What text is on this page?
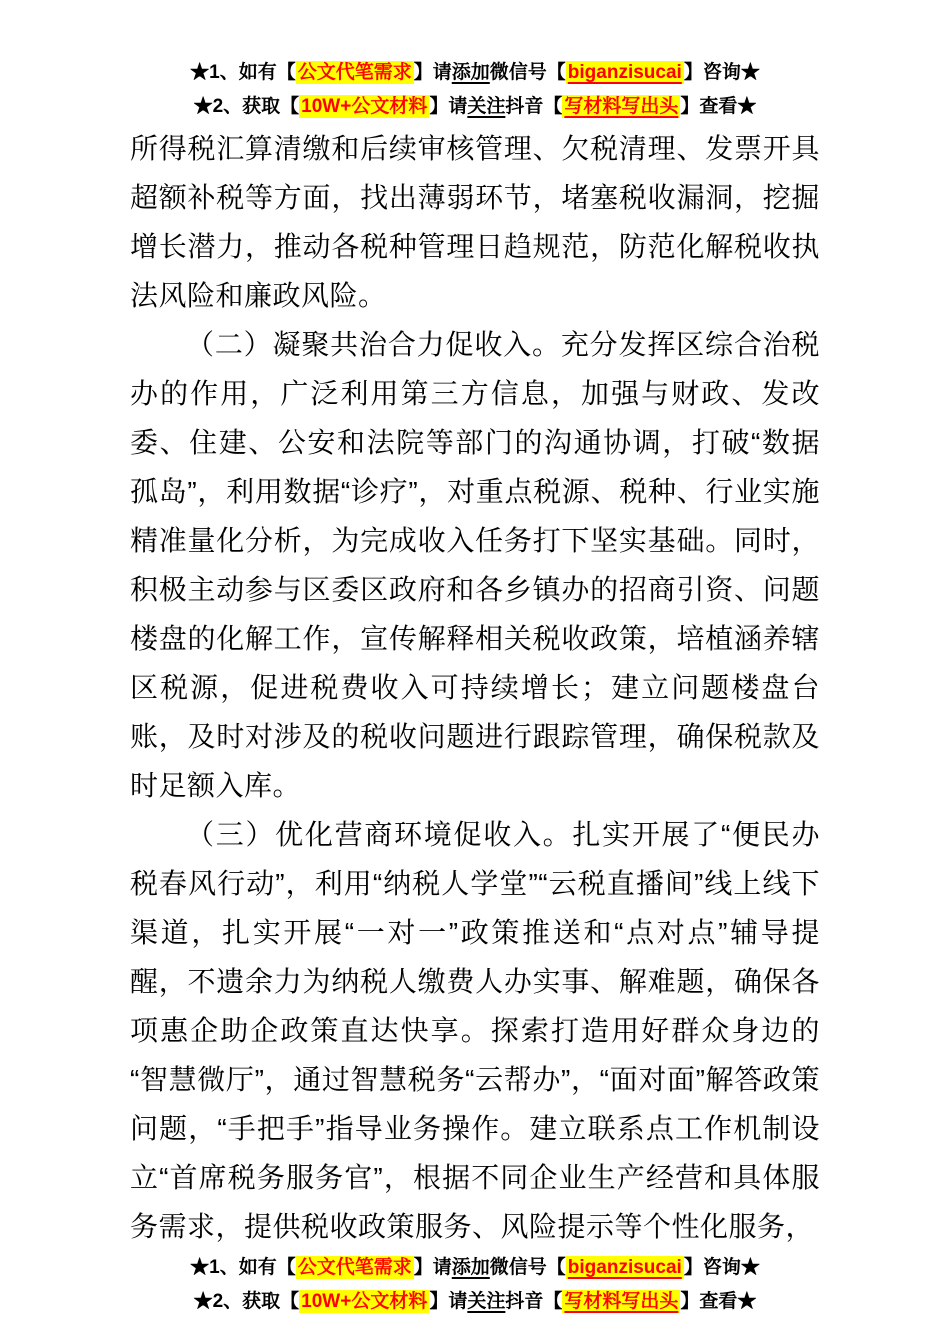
★1、如有【 公文代笔需求 】请添加微信号【 biganzisucai 】咨询★
★2、获取【 10W+公文材料 】请关注抖音【 写材料写出头 】查看★

所得税汇算清缴和后续审核管理、欠税清理、发票开具超额补税等方面，找出薄弱环节，堵塞税收漏洞，挖掘增长潜力，推动各税种管理日趋规范，防范化解税收执法风险和廉政风险。

（二）凝聚共治合力促收入。充分发挥区综合治税办的作用，广泛利用第三方信息，加强与财政、发改委、住建、公安和法院等部门的沟通协调，打破“数据孤岛”，利用数据“诊疗”，对重点税源、税种、行业实施精准量化分析，为完成收入任务打下坚实基础。同时，积极主动参与区委区政府和各乡镇办的招商引资、问题楼盘的化解工作，宣传解释相关税收政策，培植涵养辖区税源，促进税费收入可持续增长；建立问题楼盘台账，及时对涉及的税收问题进行跟踪管理，确保税款及时足额入库。

（三）优化营商环境促收入。扎实开展了“便民办税春风行动”，利用“纳税人学堂”“云税直播间”线上线下渠道，扎实开展“一对一”政策推送和“点对点”辅导提醒，不遗余力为纳税人缴费人办实事、解难题，确保各项惠企助企政策直达快享。探索打造用好群众身边的“智慧微厅”，通过智慧税务“云帮办”，“面对面”解答政策问题，“手把手”指导业务操作。建立联系点工作机制设立“首席税务服务官”，根据不同企业生产经营和具体服务需求，提供税收政策服务、风险提示等个性化服务，

★1、如有【 公文代笔需求 】请添加微信号【 biganzisucai 】咨询★
★2、获取【 10W+公文材料 】请关注抖音【 写材料写出头 】查看★
